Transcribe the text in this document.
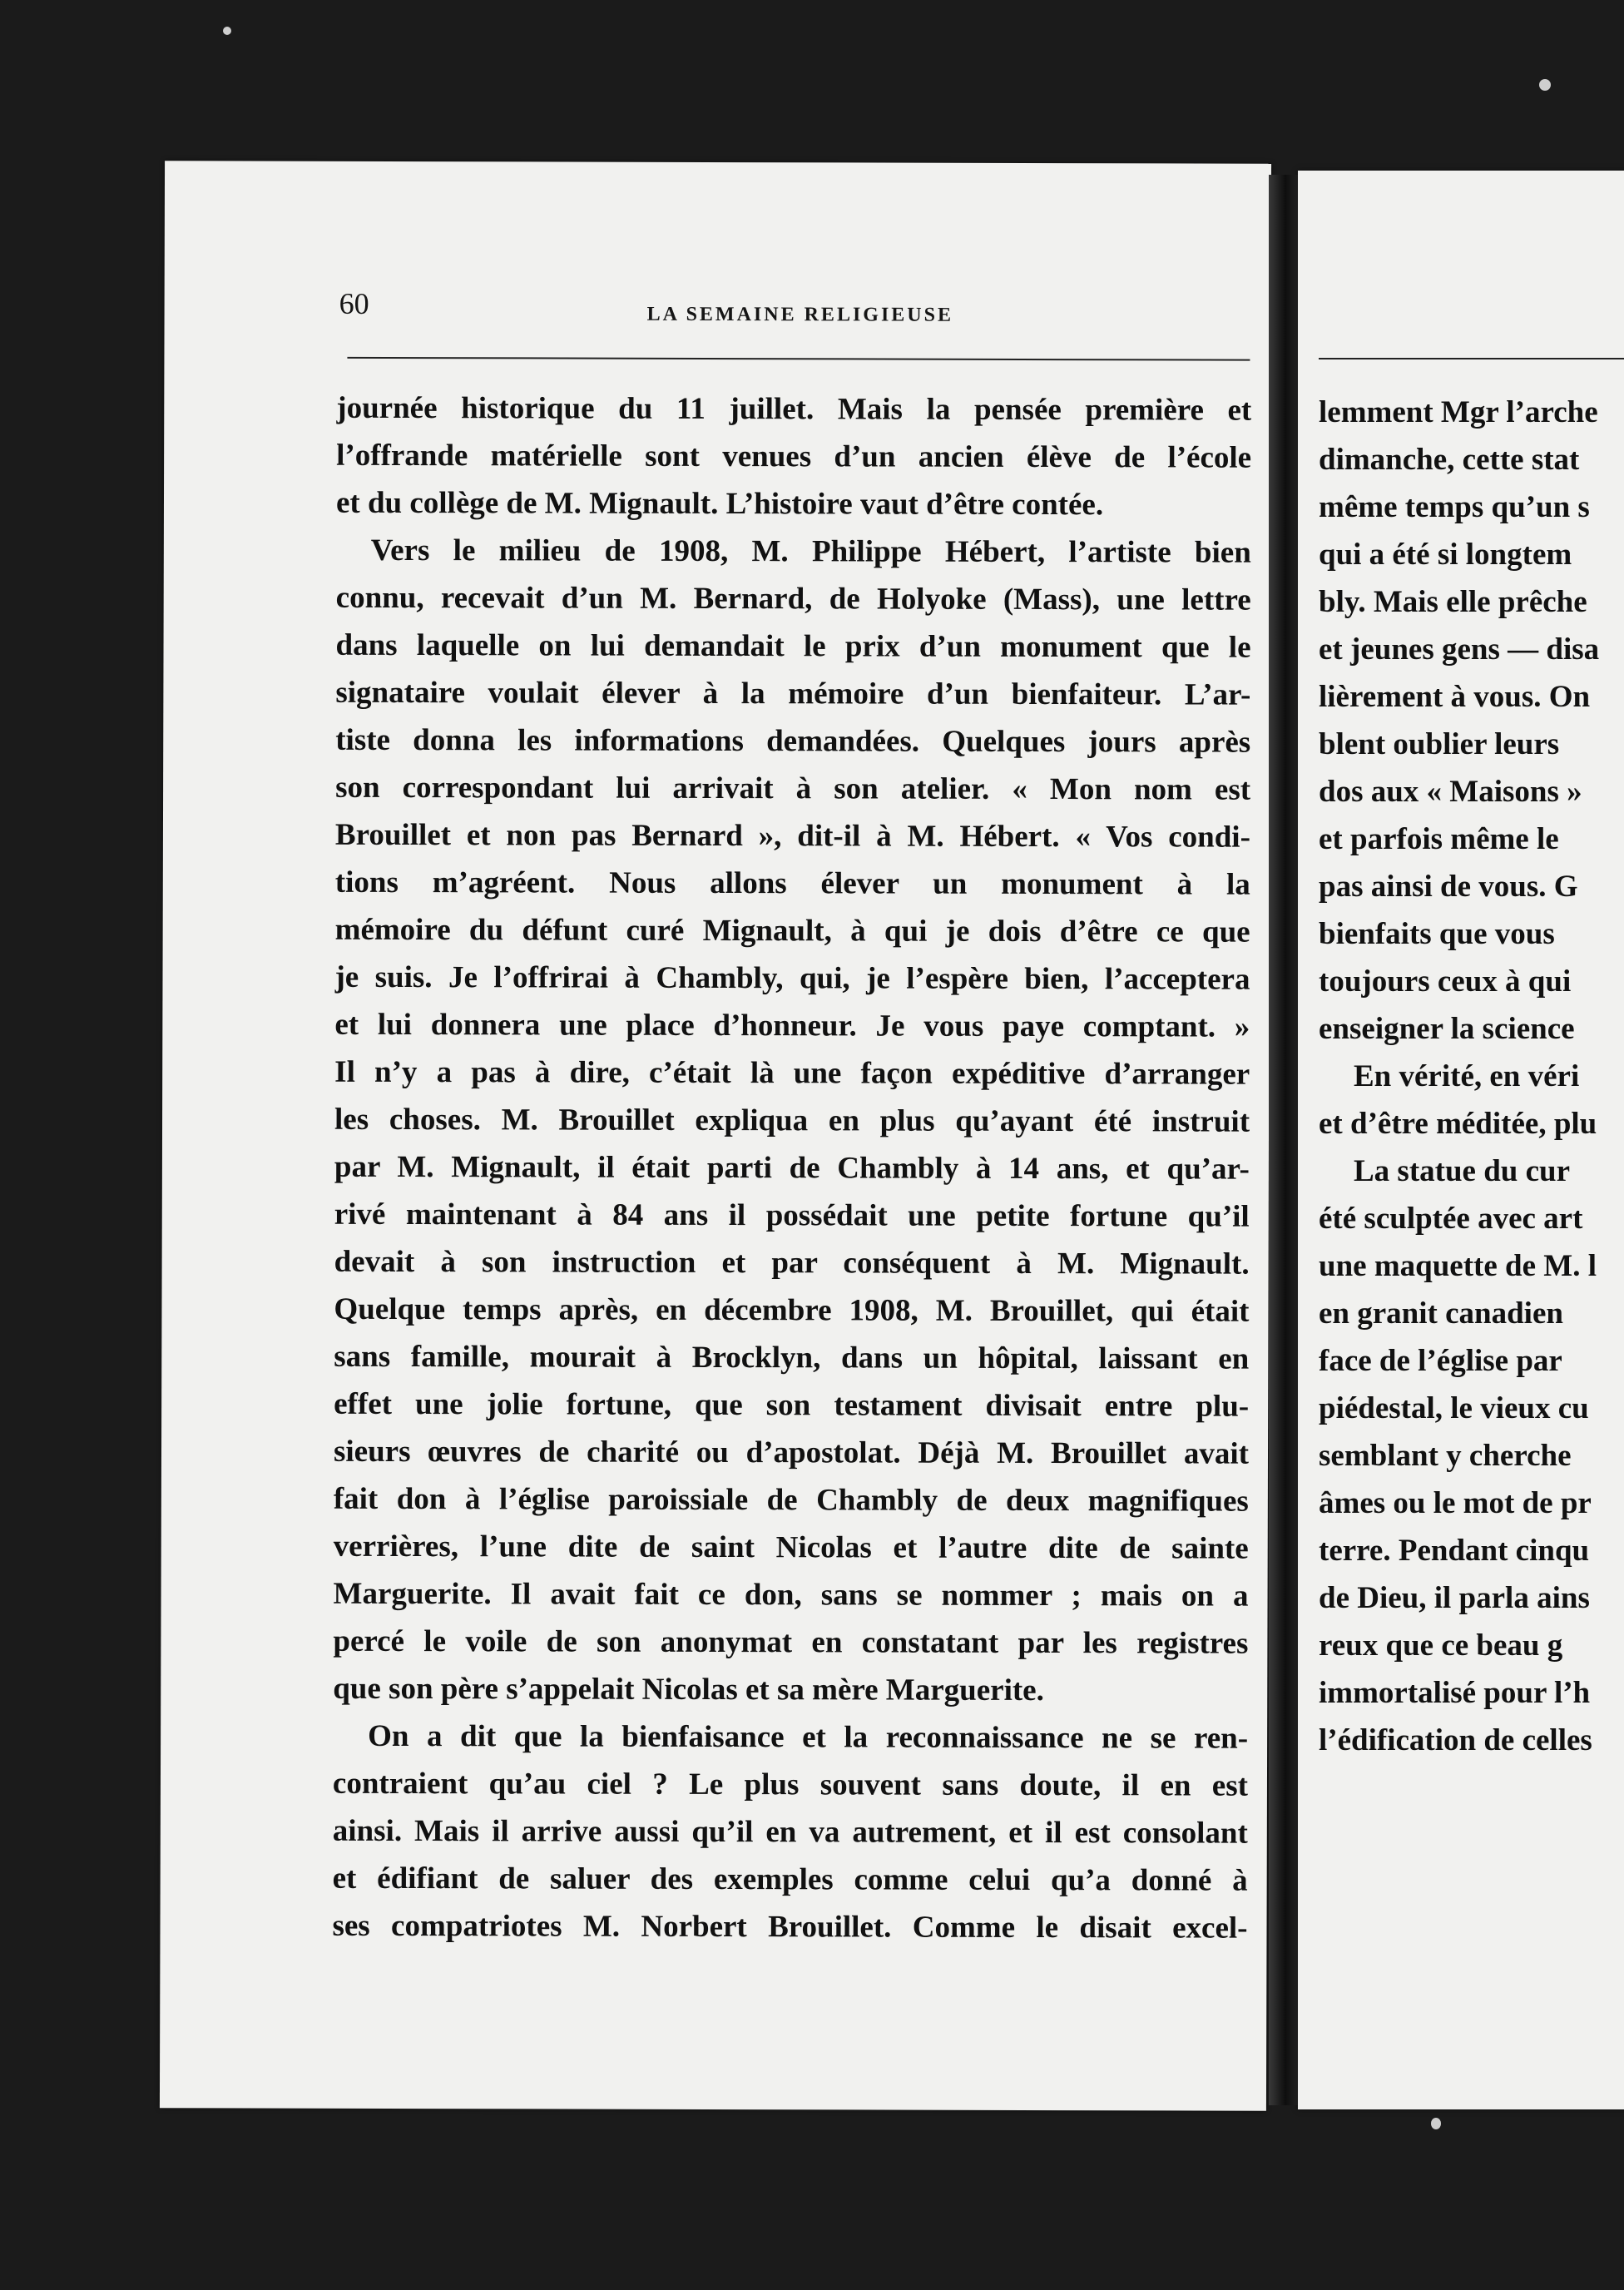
60	LA SEMAINE RELIGIEUSE
journée historique du 11 juillet. Mais la pensée première et
l’offrande matérielle sont venues d’un ancien élève de l’école
et du collège de M. Mignault. L’histoire vaut d’être contée.
Vers le milieu de 1908, M. Philippe Hébert, l’artiste bien
connu, recevait d’un M. Bernard, de Holyoke (Mass), une lettre
dans laquelle on lui demandait le prix d’un monument que le
signataire voulait élever à la mémoire d’un bienfaiteur. L’ar-
tiste donna les informations demandées. Quelques jours après
son correspondant lui arrivait à son atelier. « Mon nom est
Brouillet et non pas Bernard », dit-il à M. Hébert. « Vos condi-
tions m’agréent. Nous allons élever un monument à la
mémoire du défunt curé Mignault, à qui je dois d’être ce que
je suis. Je l’offrirai à Chambly, qui, je l’espère bien, l’acceptera
et lui donnera une place d’honneur. Je vous paye comptant. »
Il n’y a pas à dire, c’était là une façon expéditive d’arranger
les choses. M. Brouillet expliqua en plus qu’ayant été instruit
par M. Mignault, il était parti de Chambly à 14 ans, et qu’ar-
rivé maintenant à 84 ans il possédait une petite fortune qu’il
devait à son instruction et par conséquent à M. Mignault.
Quelque temps après, en décembre 1908, M. Brouillet, qui était
sans famille, mourait à Brocklyn, dans un hôpital, laissant en
effet une jolie fortune, que son testament divisait entre plu-
sieurs œuvres de charité ou d’apostolat. Déjà M. Brouillet avait
fait don à l’église paroissiale de Chambly de deux magnifiques
verrières, l’une dite de saint Nicolas et l’autre dite de sainte
Marguerite. Il avait fait ce don, sans se nommer ; mais on a
percé le voile de son anonymat en constatant par les registres
que son père s’appelait Nicolas et sa mère Marguerite.
On a dit que la bienfaisance et la reconnaissance ne se ren-
contraient qu’au ciel ? Le plus souvent sans doute, il en est
ainsi. Mais il arrive aussi qu’il en va autrement, et il est consolant
et édifiant de saluer des exemples comme celui qu’a donné à
ses compatriotes M. Norbert Brouillet. Comme le disait excel-
lemment Mgr l’arche
dimanche, cette stat
même temps qu’un s
qui a été si longtem
bly. Mais elle prêche
et jeunes gens — disa
lièrement à vous. On
blent oublier leurs
dos aux « Maisons »
et parfois même le
pas ainsi de vous. G
bienfaits que vous
toujours ceux à qui
enseigner la science
En vérité, en véri
et d’être méditée, plu
La statue du cur
été sculptée avec art
une maquette de M. l
en granit canadien
face de l’église par
piédestal, le vieux cu
semblant y cherche
âmes ou le mot de pr
terre. Pendant cinqu
de Dieu, il parla ains
reux que ce beau g
immortalisé pour l’h
l’édification de celles
